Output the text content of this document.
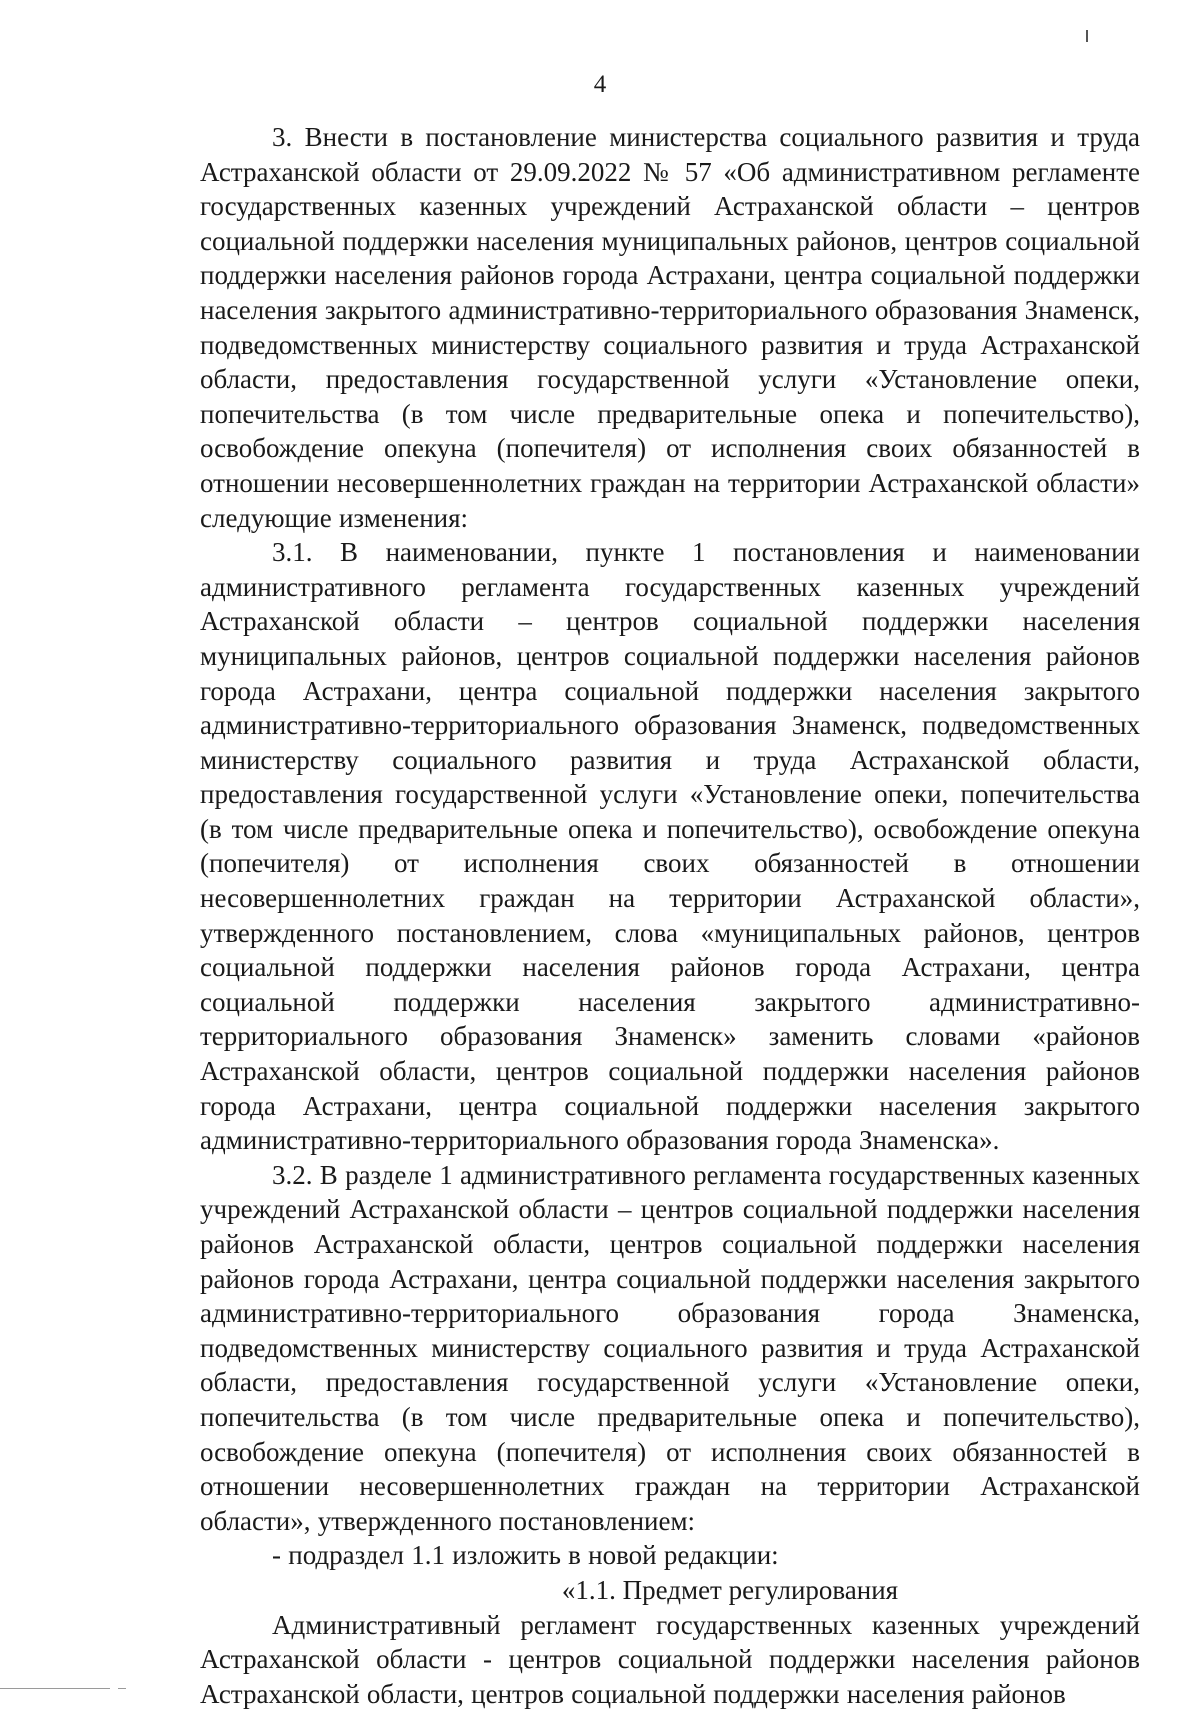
4

3. Внести в постановление министерства социального развития и труда Астраханской области от 29.09.2022 № 57 «Об административном регламенте государственных казенных учреждений Астраханской области – центров социальной поддержки населения муниципальных районов, центров социальной поддержки населения районов города Астрахани, центра социальной поддержки населения закрытого административно-территориального образования Знаменск, подведомственных министерству социального развития и труда Астраханской области, предоставления государственной услуги «Установление опеки, попечительства (в том числе предварительные опека и попечительство), освобождение опекуна (попечителя) от исполнения своих обязанностей в отношении несовершеннолетних граждан на территории Астраханской области» следующие изменения:

3.1. В наименовании, пункте 1 постановления и наименовании административного регламента государственных казенных учреждений Астраханской области – центров социальной поддержки населения муниципальных районов, центров социальной поддержки населения районов города Астрахани, центра социальной поддержки населения закрытого административно-территориального образования Знаменск, подведомственных министерству социального развития и труда Астраханской области, предоставления государственной услуги «Установление опеки, попечительства (в том числе предварительные опека и попечительство), освобождение опекуна (попечителя) от исполнения своих обязанностей в отношении несовершеннолетних граждан на территории Астраханской области», утвержденного постановлением, слова «муниципальных районов, центров социальной поддержки населения районов города Астрахани, центра социальной поддержки населения закрытого административно-территориального образования Знаменск» заменить словами «районов Астраханской области, центров социальной поддержки населения районов города Астрахани, центра социальной поддержки населения закрытого административно-территориального образования города Знаменска».

3.2. В разделе 1 административного регламента государственных казенных учреждений Астраханской области – центров социальной поддержки населения районов Астраханской области, центров социальной поддержки населения районов города Астрахани, центра социальной поддержки населения закрытого административно-территориального образования города Знаменска, подведомственных министерству социального развития и труда Астраханской области, предоставления государственной услуги «Установление опеки, попечительства (в том числе предварительные опека и попечительство), освобождение опекуна (попечителя) от исполнения своих обязанностей в отношении несовершеннолетних граждан на территории Астраханской области», утвержденного постановлением:

- подраздел 1.1 изложить в новой редакции:

«1.1. Предмет регулирования

Административный регламент государственных казенных учреждений Астраханской области - центров социальной поддержки населения районов Астраханской области, центров социальной поддержки населения районов
